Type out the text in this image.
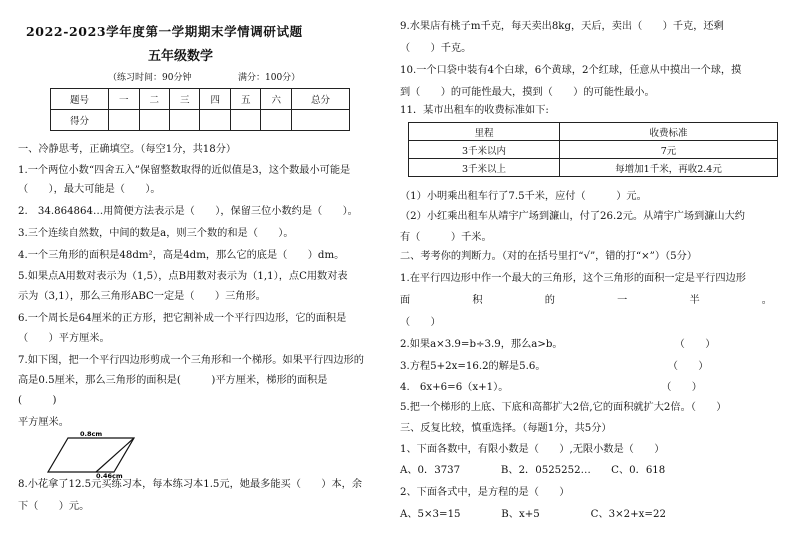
2022-2023学年度第一学期期末学情调研试题
五年级数学
（练习时间：90分钟	满分：100分）
题号	一	二	三	四	五	六	总分
得分							
一、冷静思考，正确填空。（每空1分，共18分）
1.一个两位小数“四舍五入”保留整数取得的近似值是3，这个数最小可能是
（　　），最大可能是（　　）。
2.　34.864864…用简便方法表示是（　　），保留三位小数约是（　　）。
3.三个连续自然数，中间的数是a，则三个数的和是（　　）。
4.一个三角形的面积是48dm²，高是4dm，那么它的底是（　　）dm。
5.如果点A用数对表示为（1,5），点B用数对表示为（1,1），点C用数对表
示为（3,1），那么三角形ABC一定是（　　）三角形。
6.一个周长是64厘米的正方形，把它割补成一个平行四边形，它的面积是
（　　）平方厘米。
7.如下图，把一个平行四边形剪成一个三角形和一个梯形。如果平行四边形的
高是0.5厘米，那么三角形的面积是(　　　)平方厘米，梯形的面积是
(　　　)
平方厘米。
0.8cm
0.46cm
8.小花拿了12.5元买练习本，每本练习本1.5元，她最多能买（　　）本，余
下（　　）元。
9.水果店有桃子m千克，每天卖出8kg，天后，卖出（　　）千克，还剩
（　　）千克。
10.一个口袋中装有4个白球，6个黄球，2个红球，任意从中摸出一个球，摸
到（　　）的可能性最大，摸到（　　）的可能性最小。
11．某市出租车的收费标准如下:
里程	收费标准
3千米以内	7元
3千米以上	每增加1千米，再收2.4元
（1）小明乘出租车行了7.5千米，应付（　　　）元。
（2）小红乘出租车从靖宇广场到濂山，付了26.2元。从靖宇广场到濂山大约
有（　　　）千米。
二、考考你的判断力。（对的在括号里打“√”，错的打“×”）（5分）
1.在平行四边形中作一个最大的三角形，这个三角形的面积一定是平行四边形
面	积	的	一	半	。
（　　）
2.如果a×3.9=b÷3.9，那么a>b。　　　　　　　　　　　　（　　）
3.方程5+2x=16.2的解是5.6。　　　　　　　　　　　　　（　　）
4.　6x+6=6（x+1）。　　　　　　　　　　　　　　　　（　　）
5.把一个梯形的上底、下底和高都扩大2倍,它的面积就扩大2倍。（　　）
三、反复比较，慎重选择。（每题1分，共5分）
1、下面各数中，有限小数是（　　）,无限小数是（　　）
A、0．3737　　　　B、2．0525252…　　C、0．618
2、下面各式中，是方程的是（　　）
A、5×3=15　　　　B、x+5　　　　　C、3×2+x=22
